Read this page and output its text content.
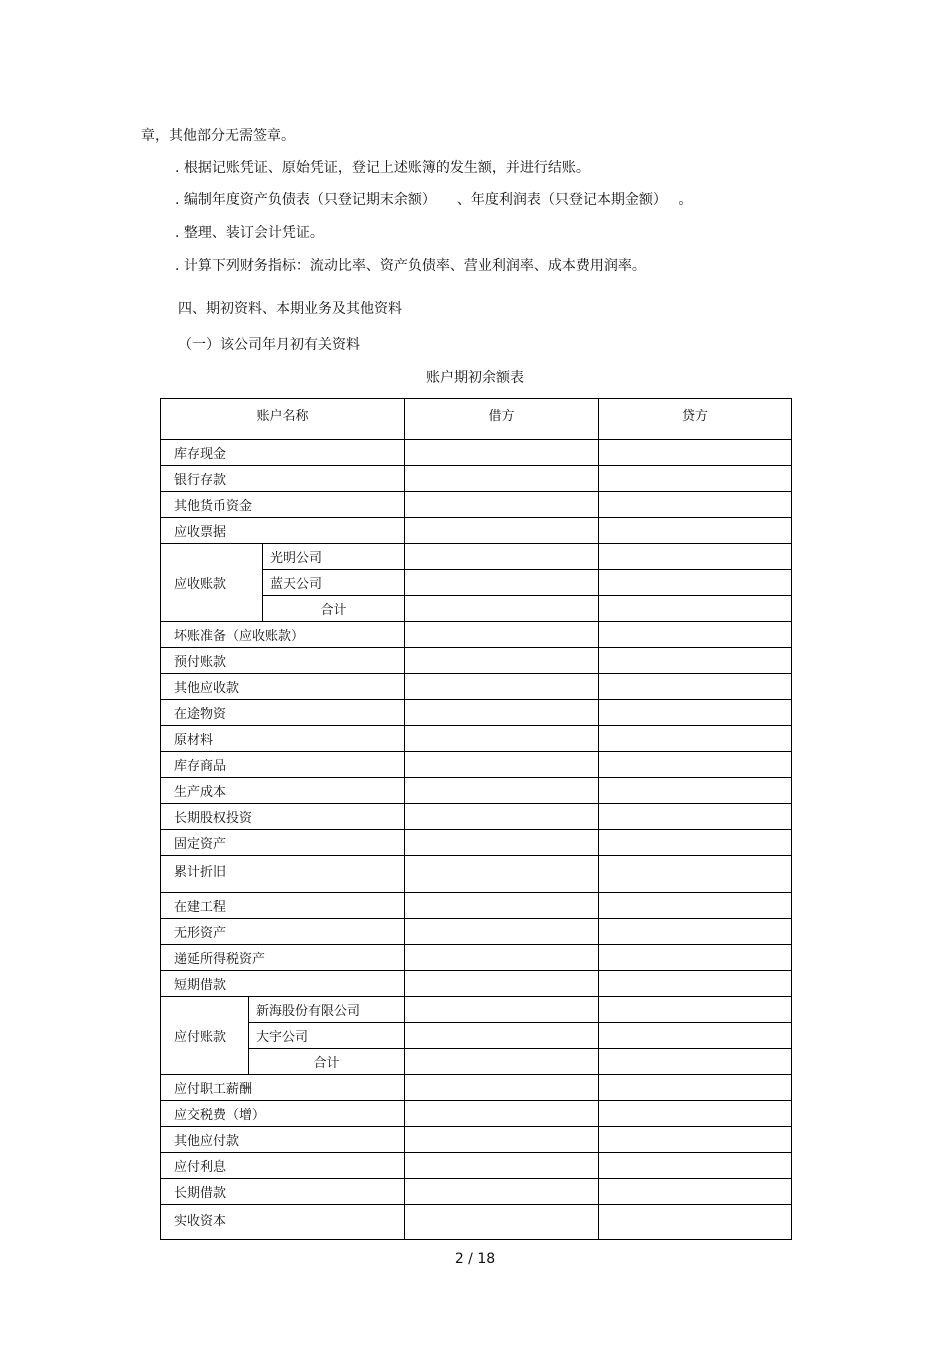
章，其他部分无需签章。
. 根据记账凭证、原始凭证，登记上述账簿的发生额，并进行结账。
. 编制年度资产负债表（只登记期末余额）　　、年度利润表（只登记本期金额）　 。
. 整理、装订会计凭证。
. 计算下列财务指标：流动比率、资产负债率、营业利润率、成本费用润率。
四、期初资料、本期业务及其他资料
（一）该公司年月初有关资料
账户期初余额表
账户名称			借方	贷方
库存现金				
银行存款				
其他货币资金				
应收票据				
应收账款		光明公司		
		蓝天公司		
		合计		
坏账准备（应收账款）				
预付账款				
其他应收款				
在途物资				
原材料				
库存商品				
生产成本				
长期股权投资				
固定资产				
累计折旧				
在建工程				
无形资产				
递延所得税资产				
短期借款				
应付账款	新海股份有限公司			
	大宇公司			
	合计			
应付职工薪酬				
应交税费（增）				
其他应付款				
应付利息				
长期借款				
实收资本				
2 / 18
